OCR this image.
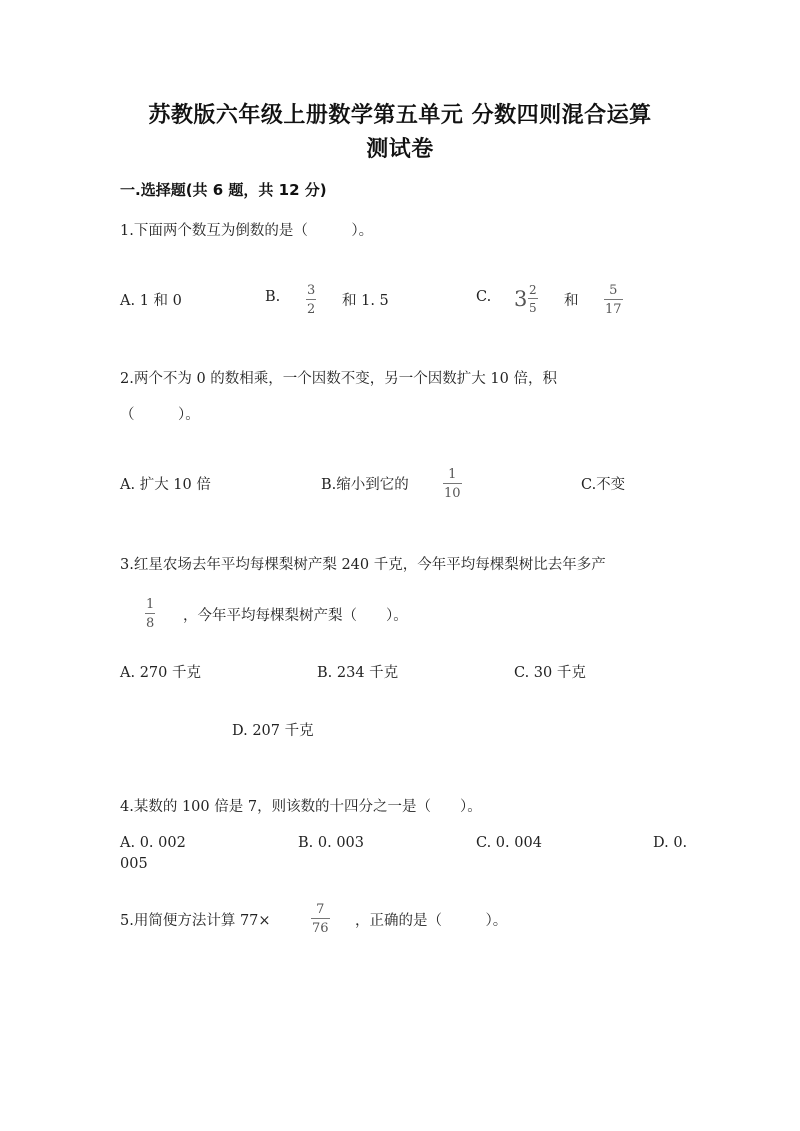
苏教版六年级上册数学第五单元 分数四则混合运算
测试卷
一.选择题(共 6 题，共 12 分)
1.下面两个数互为倒数的是（　　　）。
A. 1 和 0	B. 3
2
和 1. 5	C. 3 2
5 和
5
17
2.两个不为 0 的数相乘，一个因数不变，另一个因数扩大 10 倍，积
（　　　）。
A. 扩大 10 倍	B.缩小到它的
1
10
C.不变
3.红星农场去年平均每棵梨树产梨 240 千克，今年平均每棵梨树比去年多产
1
8 ，今年平均每棵梨树产梨（　　）。
A. 270 千克	B. 234 千克	C. 30 千克
D. 207 千克
4.某数的 100 倍是 7，则该数的十四分之一是（　　）。
A. 0. 002	B. 0. 003	C. 0. 004	D. 0.
005
5.用简便方法计算 77×
7
76 ，正确的是（　　　）。
